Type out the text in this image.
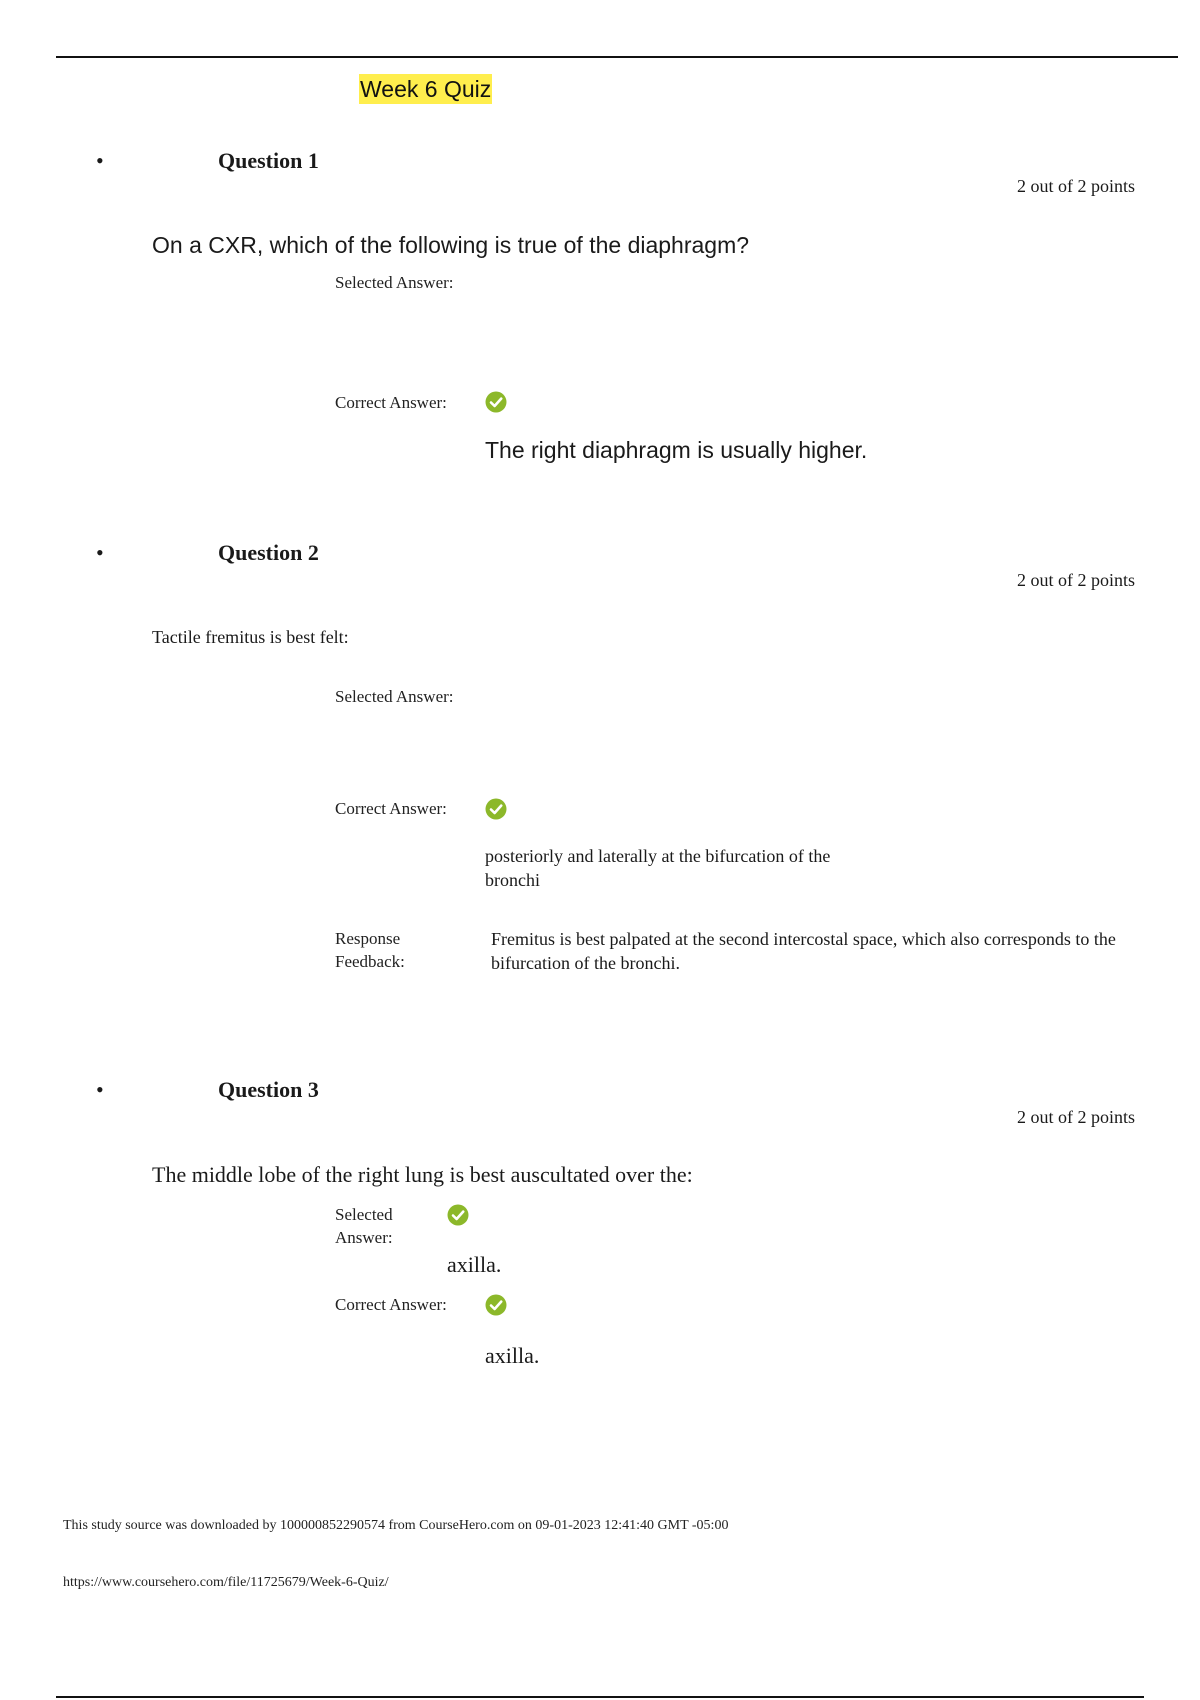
Week 6 Quiz
•	Question 1
2 out of 2 points
On a CXR, which of the following is true of the diaphragm?
Selected Answer:
Correct Answer:
The right diaphragm is usually higher.
•	Question 2
2 out of 2 points
Tactile fremitus is best felt:
Selected Answer:
Correct Answer:
posteriorly and laterally at the bifurcation of the
bronchi
Response
Feedback:
Fremitus is best palpated at the second intercostal space, which also corresponds to the
bifurcation of the bronchi.
•	Question 3
2 out of 2 points
The middle lobe of the right lung is best auscultated over the:
Selected
Answer:
axilla.
Correct Answer:
axilla.
This study source was downloaded by 100000852290574 from CourseHero.com on 09-01-2023 12:41:40 GMT -05:00
https://www.coursehero.com/file/11725679/Week-6-Quiz/
